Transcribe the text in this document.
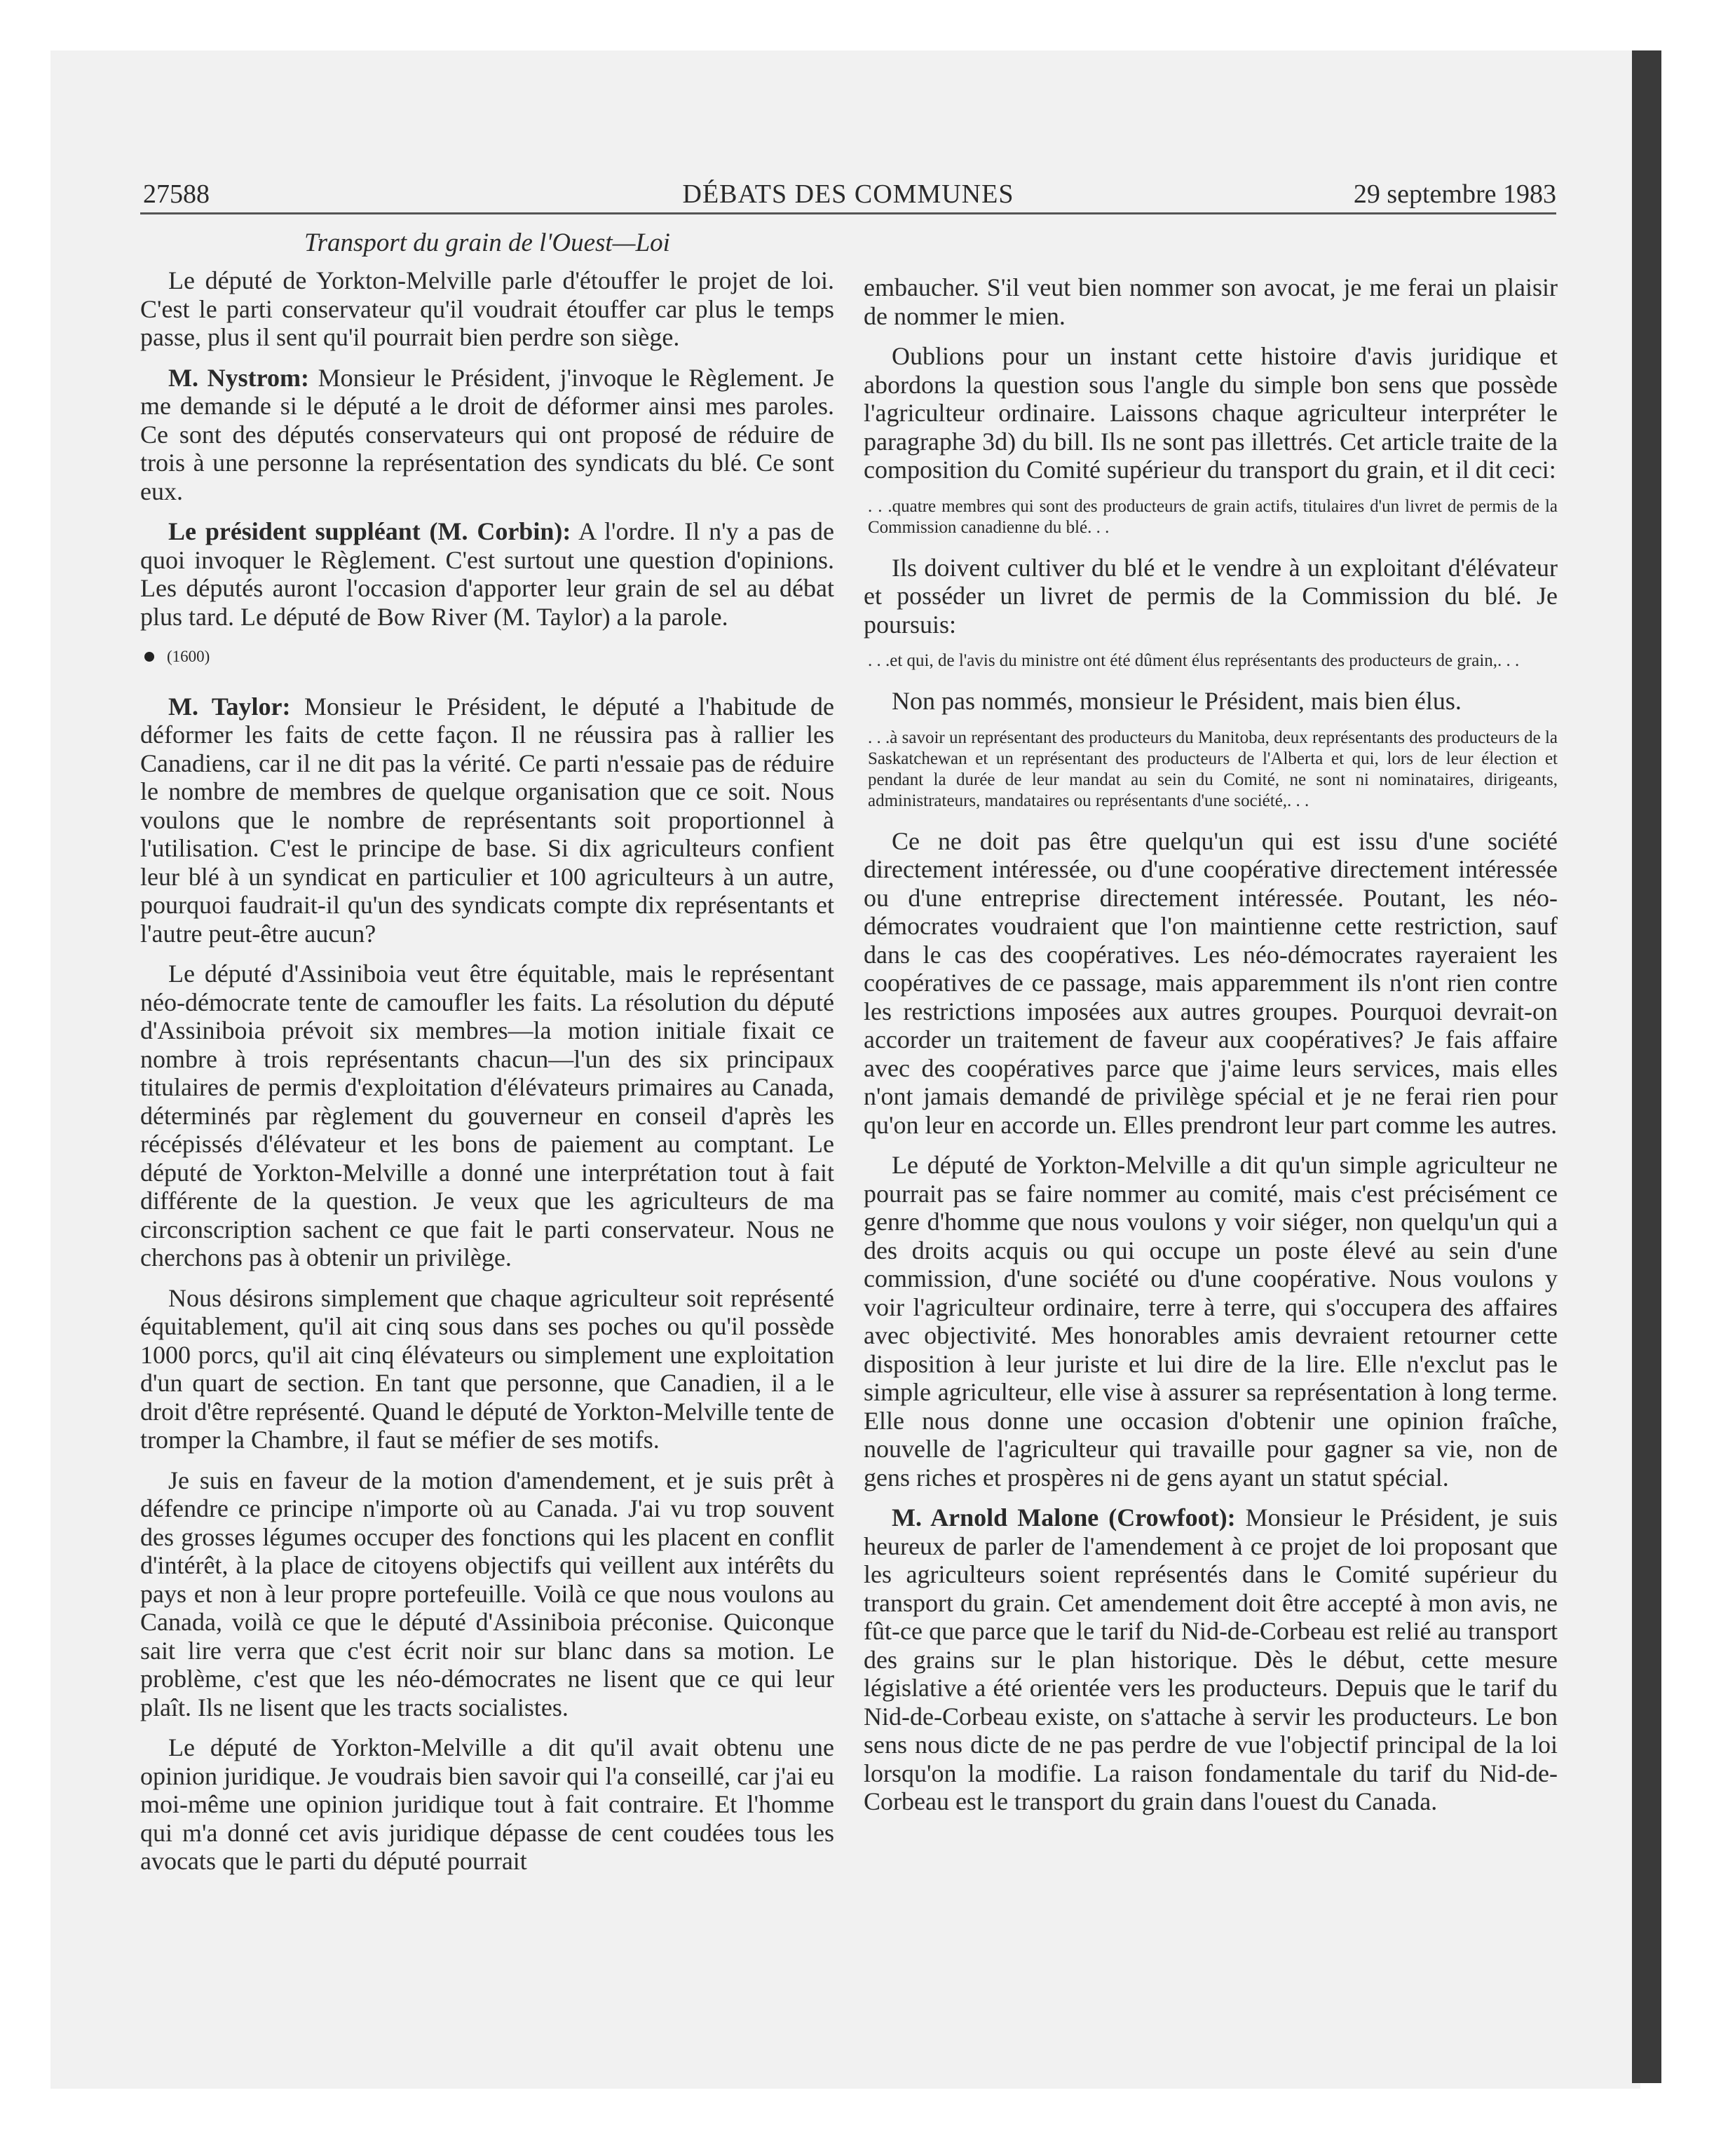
27588	DÉBATS DES COMMUNES	29 septembre 1983
Transport du grain de l'Ouest—Loi

Le député de Yorkton-Melville parle d'étouffer le projet de loi. C'est le parti conservateur qu'il voudrait étouffer car plus le temps passe, plus il sent qu'il pourrait bien perdre son siège.

M. Nystrom: Monsieur le Président, j'invoque le Règlement. Je me demande si le député a le droit de déformer ainsi mes paroles. Ce sont des députés conservateurs qui ont proposé de réduire de trois à une personne la représentation des syndicats du blé. Ce sont eux.

Le président suppléant (M. Corbin): A l'ordre. Il n'y a pas de quoi invoquer le Règlement. C'est surtout une question d'opinions. Les députés auront l'occasion d'apporter leur grain de sel au débat plus tard. Le député de Bow River (M. Taylor) a la parole.

(1600)

M. Taylor: Monsieur le Président, le député a l'habitude de déformer les faits de cette façon. Il ne réussira pas à rallier les Canadiens, car il ne dit pas la vérité. Ce parti n'essaie pas de réduire le nombre de membres de quelque organisation que ce soit. Nous voulons que le nombre de représentants soit proportionnel à l'utilisation. C'est le principe de base. Si dix agriculteurs confient leur blé à un syndicat en particulier et 100 agriculteurs à un autre, pourquoi faudrait-il qu'un des syndicats compte dix représentants et l'autre peut-être aucun?

Le député d'Assiniboia veut être équitable, mais le représentant néo-démocrate tente de camoufler les faits. La résolution du député d'Assiniboia prévoit six membres—la motion initiale fixait ce nombre à trois représentants chacun—l'un des six principaux titulaires de permis d'exploitation d'élévateurs primaires au Canada, déterminés par règlement du gouverneur en conseil d'après les récépissés d'élévateur et les bons de paiement au comptant. Le député de Yorkton-Melville a donné une interprétation tout à fait différente de la question. Je veux que les agriculteurs de ma circonscription sachent ce que fait le parti conservateur. Nous ne cherchons pas à obtenir un privilège.

Nous désirons simplement que chaque agriculteur soit représenté équitablement, qu'il ait cinq sous dans ses poches ou qu'il possède 1000 porcs, qu'il ait cinq élévateurs ou simplement une exploitation d'un quart de section. En tant que personne, que Canadien, il a le droit d'être représenté. Quand le député de Yorkton-Melville tente de tromper la Chambre, il faut se méfier de ses motifs.

Je suis en faveur de la motion d'amendement, et je suis prêt à défendre ce principe n'importe où au Canada. J'ai vu trop souvent des grosses légumes occuper des fonctions qui les placent en conflit d'intérêt, à la place de citoyens objectifs qui veillent aux intérêts du pays et non à leur propre portefeuille. Voilà ce que nous voulons au Canada, voilà ce que le député d'Assiniboia préconise. Quiconque sait lire verra que c'est écrit noir sur blanc dans sa motion. Le problème, c'est que les néo-démocrates ne lisent que ce qui leur plaît. Ils ne lisent que les tracts socialistes.

Le député de Yorkton-Melville a dit qu'il avait obtenu une opinion juridique. Je voudrais bien savoir qui l'a conseillé, car j'ai eu moi-même une opinion juridique tout à fait contraire. Et l'homme qui m'a donné cet avis juridique dépasse de cent coudées tous les avocats que le parti du député pourrait

embaucher. S'il veut bien nommer son avocat, je me ferai un plaisir de nommer le mien.

Oublions pour un instant cette histoire d'avis juridique et abordons la question sous l'angle du simple bon sens que possède l'agriculteur ordinaire. Laissons chaque agriculteur interpréter le paragraphe 3d) du bill. Ils ne sont pas illettrés. Cet article traite de la composition du Comité supérieur du transport du grain, et il dit ceci:

. . .quatre membres qui sont des producteurs de grain actifs, titulaires d'un livret de permis de la Commission canadienne du blé. . .

Ils doivent cultiver du blé et le vendre à un exploitant d'élévateur et posséder un livret de permis de la Commission du blé. Je poursuis:

. . .et qui, de l'avis du ministre ont été dûment élus représentants des producteurs de grain,. . .

Non pas nommés, monsieur le Président, mais bien élus.

. . .à savoir un représentant des producteurs du Manitoba, deux représentants des producteurs de la Saskatchewan et un représentant des producteurs de l'Alberta et qui, lors de leur élection et pendant la durée de leur mandat au sein du Comité, ne sont ni nominataires, dirigeants, administrateurs, mandataires ou représentants d'une société,. . .

Ce ne doit pas être quelqu'un qui est issu d'une société directement intéressée, ou d'une coopérative directement intéressée ou d'une entreprise directement intéressée. Poutant, les néo-démocrates voudraient que l'on maintienne cette restriction, sauf dans le cas des coopératives. Les néo-démocrates rayeraient les coopératives de ce passage, mais apparemment ils n'ont rien contre les restrictions imposées aux autres groupes. Pourquoi devrait-on accorder un traitement de faveur aux coopératives? Je fais affaire avec des coopératives parce que j'aime leurs services, mais elles n'ont jamais demandé de privilège spécial et je ne ferai rien pour qu'on leur en accorde un. Elles prendront leur part comme les autres.

Le député de Yorkton-Melville a dit qu'un simple agriculteur ne pourrait pas se faire nommer au comité, mais c'est précisément ce genre d'homme que nous voulons y voir siéger, non quelqu'un qui a des droits acquis ou qui occupe un poste élevé au sein d'une commission, d'une société ou d'une coopérative. Nous voulons y voir l'agriculteur ordinaire, terre à terre, qui s'occupera des affaires avec objectivité. Mes honorables amis devraient retourner cette disposition à leur juriste et lui dire de la lire. Elle n'exclut pas le simple agriculteur, elle vise à assurer sa représentation à long terme. Elle nous donne une occasion d'obtenir une opinion fraîche, nouvelle de l'agriculteur qui travaille pour gagner sa vie, non de gens riches et prospères ni de gens ayant un statut spécial.

M. Arnold Malone (Crowfoot): Monsieur le Président, je suis heureux de parler de l'amendement à ce projet de loi proposant que les agriculteurs soient représentés dans le Comité supérieur du transport du grain. Cet amendement doit être accepté à mon avis, ne fût-ce que parce que le tarif du Nid-de-Corbeau est relié au transport des grains sur le plan historique. Dès le début, cette mesure législative a été orientée vers les producteurs. Depuis que le tarif du Nid-de-Corbeau existe, on s'attache à servir les producteurs. Le bon sens nous dicte de ne pas perdre de vue l'objectif principal de la loi lorsqu'on la modifie. La raison fondamentale du tarif du Nid-de-Corbeau est le transport du grain dans l'ouest du Canada.
